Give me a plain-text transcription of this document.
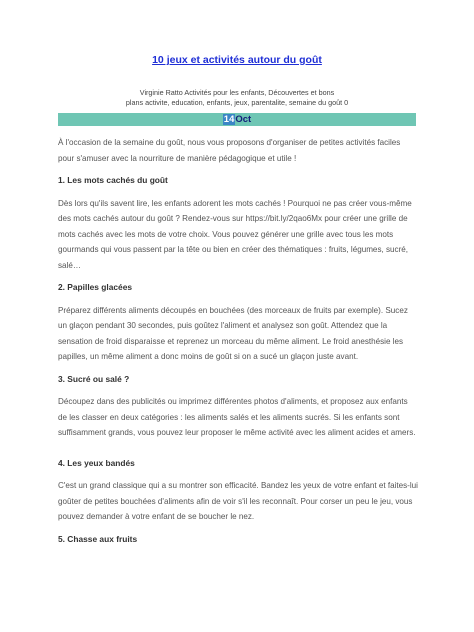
10 jeux et activités autour du goût
Virginie Ratto Activités pour les enfants, Découvertes et bons
plans activite, education, enfants, jeux, parentalite, semaine du goût 0
14Oct

À l'occasion de la semaine du goût, nous vous proposons d'organiser de petites activités faciles pour s'amuser avec la nourriture de manière pédagogique et utile !

1. Les mots cachés du goût

Dès lors qu'ils savent lire, les enfants adorent les mots cachés ! Pourquoi ne pas créer vous-même des mots cachés autour du goût ? Rendez-vous sur https://bit.ly/2qao6Mx pour créer une grille de mots cachés avec les mots de votre choix. Vous pouvez générer une grille avec tous les mots gourmands qui vous passent par la tête ou bien en créer des thématiques : fruits, légumes, sucré, salé…

2. Papilles glacées

Préparez différents aliments découpés en bouchées (des morceaux de fruits par exemple). Sucez un glaçon pendant 30 secondes, puis goûtez l'aliment et analysez son goût. Attendez que la sensation de froid disparaisse et reprenez un morceau du même aliment. Le froid anesthésie les papilles, un même aliment a donc moins de goût si on a sucé un glaçon juste avant.

3. Sucré ou salé ?

Découpez dans des publicités ou imprimez différentes photos d'aliments, et proposez aux enfants de les classer en deux catégories : les aliments salés et les aliments sucrés. Si les enfants sont suffisamment grands, vous pouvez leur proposer le même activité avec les aliment acides et amers.

4. Les yeux bandés

C'est un grand classique qui a su montrer son efficacité. Bandez les yeux de votre enfant et faites-lui goûter de petites bouchées d'aliments afin de voir s'il les reconnaît. Pour corser un peu le jeu, vous pouvez demander à votre enfant de se boucher le nez.

5. Chasse aux fruits
